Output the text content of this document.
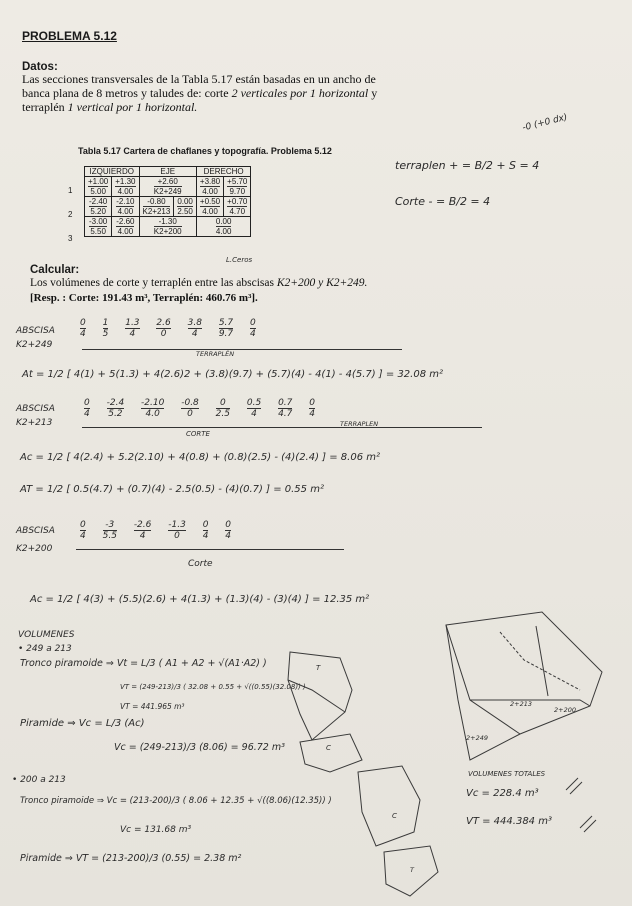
PROBLEMA 5.12
Datos:
Las secciones transversales de la Tabla 5.17 están basadas en un ancho de banca plana de 8 metros y taludes de: corte 2 verticales por 1 horizontal y terraplén 1 vertical por 1 horizontal.
Tabla 5.17 Cartera de chaflanes y topografía. Problema 5.12
IZQUIERDO		EJE		DERECHO	

$\frac{+1.00}{5.00}$	$\frac{+1.30}{4.00}$	$\frac{+2.60}{K2+249}$		$\frac{+3.80}{4.00}$	$\frac{+5.70}{9.70}$

$\frac{-2.40}{5.20}$	$\frac{-2.10}{4.00}$	$\frac{-0.80}{K2+213}$	$\frac{0.00}{2.50}$	$\frac{+0.50}{4.00}$	$\frac{+0.70}{4.70}$

$\frac{-3.00}{5.50}$	$\frac{-2.60}{4.00}$	$\frac{-1.30}{K2+200}$		$\frac{0.00}{4.00}$
1
2
3
L.Ceros
-0 (+0 dx)
terraplen + = B/2 + S = 4
Corte - = B/2 = 4
Calcular:
Los volúmenes de corte y terraplén entre las abscisas K2+200 y K2+249.
[Resp. : Corte: 191.43 m³, Terraplén: 460.76 m³].
ABSCISA
K2+249
$\frac{0}{4}$
$\frac{1}{5}$
$\frac{1.3}{4}$
$\frac{2.6}{0}$
$\frac{3.8}{4}$
$\frac{5.7}{9.7}$
$\frac{0}{4}$
TERRAPLÉN
At = 1/2 [ 4(1) + 5(1.3) + 4(2.6)2 + (3.8)(9.7) + (5.7)(4) - 4(1) - 4(5.7) ] = 32.08 m²
ABSCISA
K2+213
$\frac{0}{4}$
$\frac{-2.4}{5.2}$
$\frac{-2.10}{4.0}$
$\frac{-0.8}{0}$
$\frac{0}{2.5}$
$\frac{0.5}{4}$
$\frac{0.7}{4.7}$
$\frac{0}{4}$
CORTE
TERRAPLEN
Ac = 1/2 [ 4(2.4) + 5.2(2.10) + 4(0.8) + (0.8)(2.5) - (4)(2.4) ] = 8.06 m²
AT = 1/2 [ 0.5(4.7) + (0.7)(4) - 2.5(0.5) - (4)(0.7) ] = 0.55 m²
ABSCISA
K2+200
$\frac{0}{4}$
$\frac{-3}{5.5}$
$\frac{-2.6}{4}$
$\frac{-1.3}{0}$
$\frac{0}{4}$
$\frac{0}{4}$
Corte
Ac = 1/2 [ 4(3) + (5.5)(2.6) + 4(1.3) + (1.3)(4) - (3)(4) ] = 12.35 m²
VOLUMENES
• 249 a 213
Tronco piramoide ⇒ Vt = L/3 ( A1 + A2 + √(A1·A2) )
VT = (249-213)/3 ( 32.08 + 0.55 + √((0.55)(32.08)) )
VT = 441.965 m³
Piramide ⇒ Vc = L/3 (Ac)
Vc = (249-213)/3 (8.06) = 96.72 m³
• 200 a 213
Tronco piramoide ⇒ Vc = (213-200)/3 ( 8.06 + 12.35 + √((8.06)(12.35)) )
Vc = 131.68 m³
Piramide ⇒ VT = (213-200)/3 (0.55) = 2.38 m²
T
C
2+249
2+213
2+200
C
T
VOLUMENES TOTALES
Vc = 228.4 m³
VT = 444.384 m³
